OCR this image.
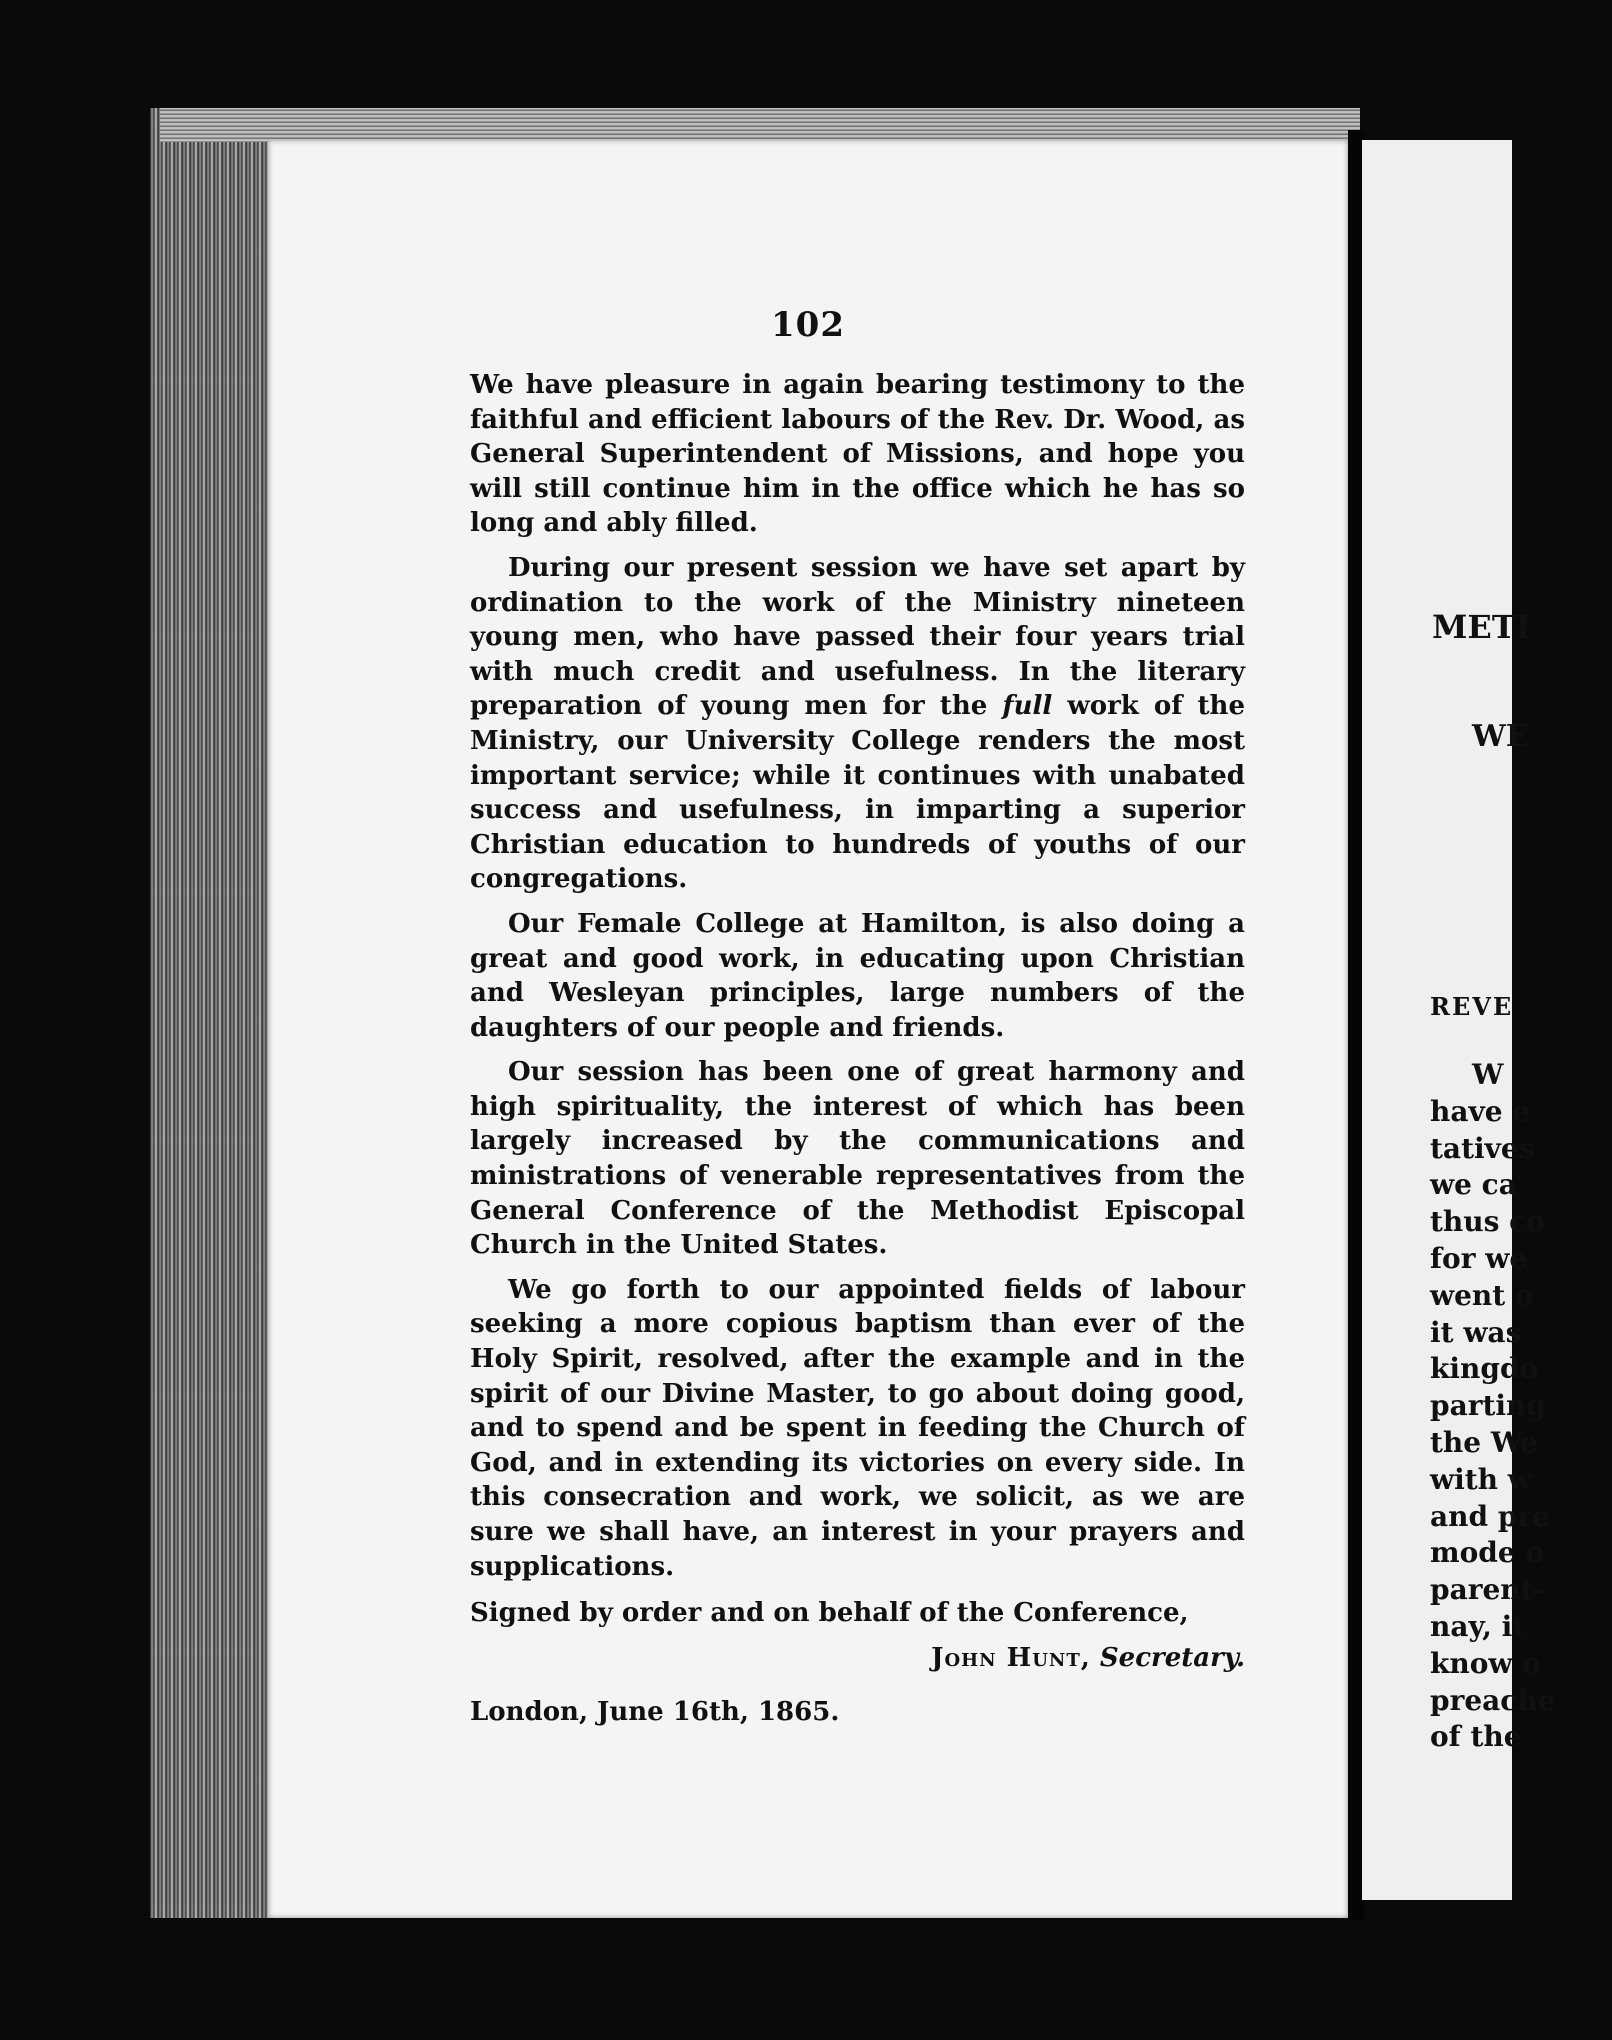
102

We have pleasure in again bearing testimony to the faithful and efficient labours of the Rev. Dr. Wood, as General Superintendent of Missions, and hope you will still continue him in the office which he has so long and ably filled.

During our present session we have set apart by ordination to the work of the Ministry nineteen young men, who have passed their four years trial with much credit and usefulness. In the literary preparation of young men for the full work of the Ministry, our University College renders the most important service; while it continues with unabated success and usefulness, in imparting a superior Christian education to hundreds of youths of our congregations.

Our Female College at Hamilton, is also doing a great and good work, in educating upon Christian and Wesleyan principles, large numbers of the daughters of our people and friends.

Our session has been one of great harmony and high spirituality, the interest of which has been largely increased by the communications and ministrations of venerable representatives from the General Conference of the Methodist Episcopal Church in the United States.

We go forth to our appointed fields of labour seeking a more copious baptism than ever of the Holy Spirit, resolved, after the example and in the spirit of our Divine Master, to go about doing good, and to spend and be spent in feeding the Church of God, and in extending its victories on every side. In this consecration and work, we solicit, as we are sure we shall have, an interest in your prayers and supplications.

Signed by order and on behalf of the Conference,

John Hunt, Secretary.

London, June 16th, 1865.

METI
WE
REVE
W
have e
tatives
we ca
thus co
for we
went o
it was
kingdo
parting
the We
with w
and pre
mode o
parent-
nay, it
know o
preache
of the
